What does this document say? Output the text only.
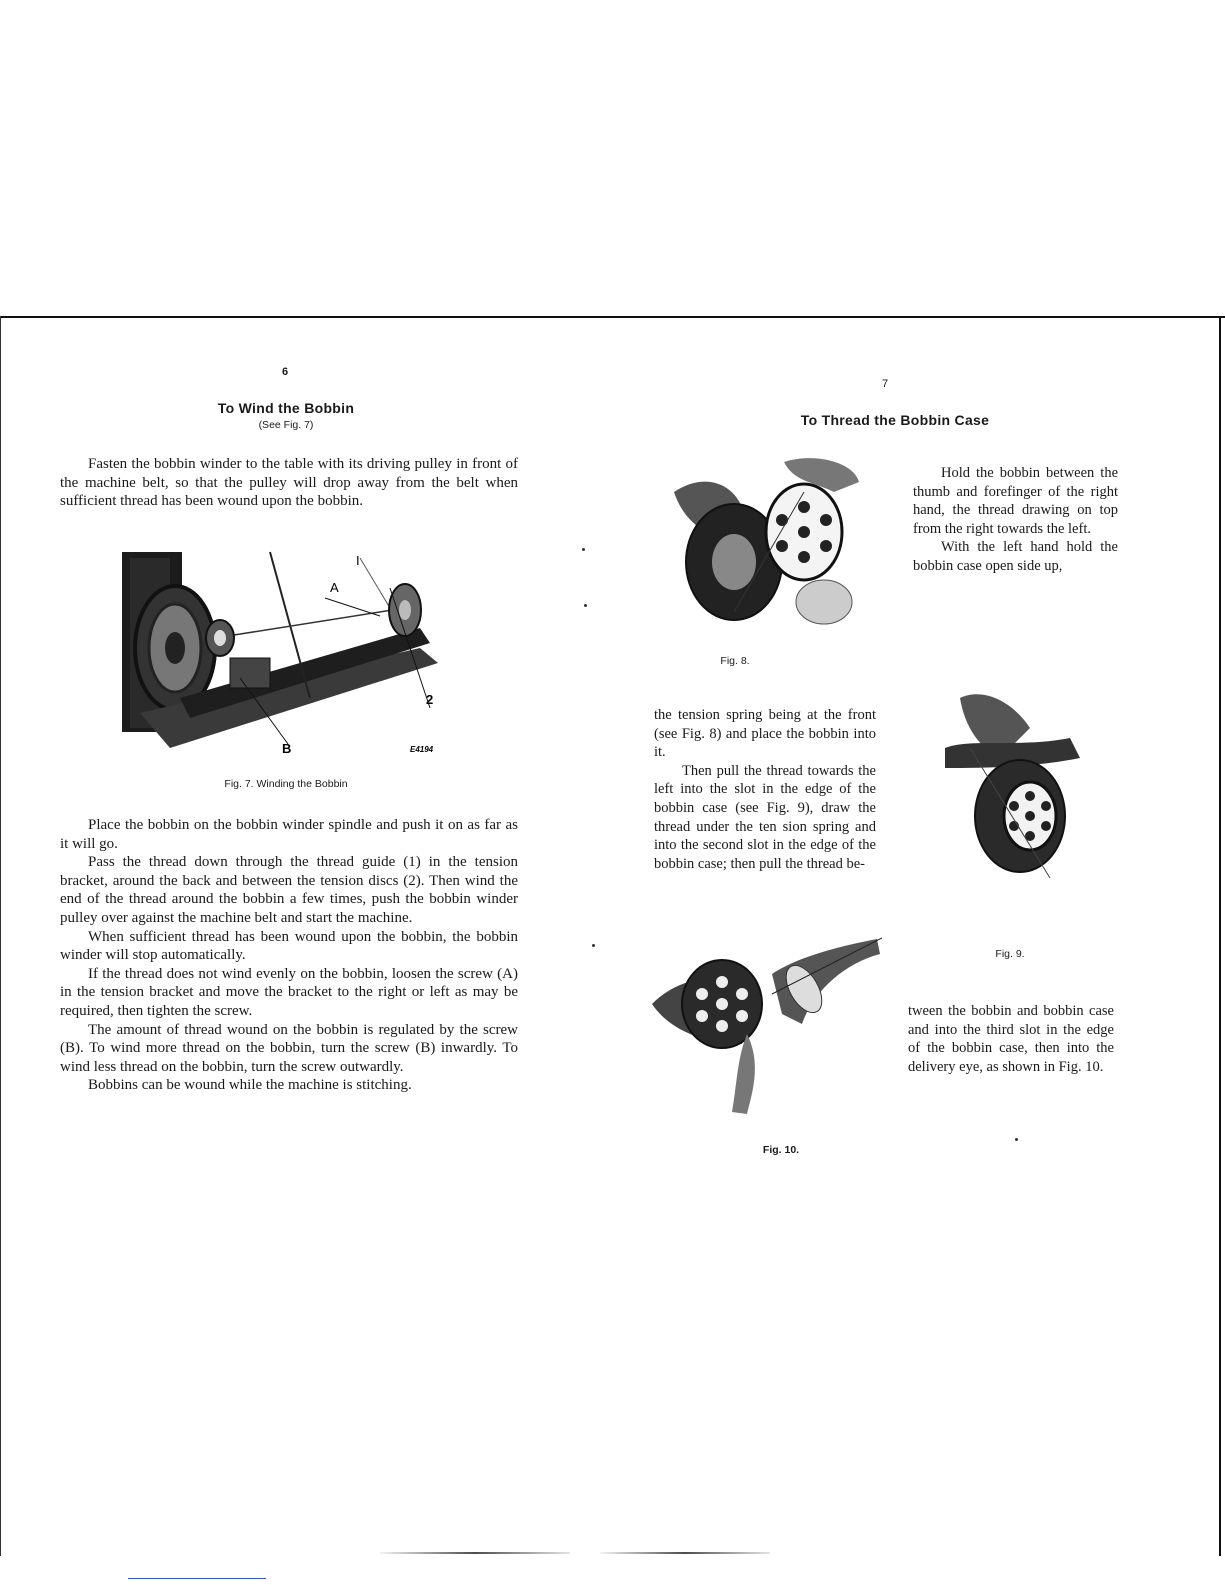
6
To Wind the Bobbin
(See Fig. 7)

Fasten the bobbin winder to the table with its driving pulley in front of the machine belt, so that the pulley will drop away from the belt when sufficient thread has been wound upon the bobbin.

I
A
2
B	E4194
Fig. 7. Winding the Bobbin

Place the bobbin on the bobbin winder spindle and push it on as far as it will go.

Pass the thread down through the thread guide (1) in the tension bracket, around the back and between the tension discs (2). Then wind the end of the thread around the bobbin a few times, push the bobbin winder pulley over against the machine belt and start the machine.

When sufficient thread has been wound upon the bobbin, the bobbin winder will stop automatically.

If the thread does not wind evenly on the bobbin, loosen the screw (A) in the tension bracket and move the bracket to the right or left as may be required, then tighten the screw.

The amount of thread wound on the bobbin is regulated by the screw (B). To wind more thread on the bobbin, turn the screw (B) inwardly. To wind less thread on the bobbin, turn the screw outwardly.

Bobbins can be wound while the machine is stitching.

7
To Thread the Bobbin Case
Fig. 8.

Hold the bobbin between the thumb and forefinger of the right hand, the thread drawing on top from the right towards the left.

With the left hand hold the bobbin case open side up,

the tension spring being at the front (see Fig. 8) and place the bobbin into it.

Then pull the thread towards the left into the slot in the edge of the bobbin case (see Fig. 9), draw the thread under the ten sion spring and into the second slot in the edge of the bobbin case; then pull the thread be-

Fig. 9.
Fig. 10.

tween the bobbin and bobbin case and into the third slot in the edge of the bobbin case, then into the delivery eye, as shown in Fig. 10.
